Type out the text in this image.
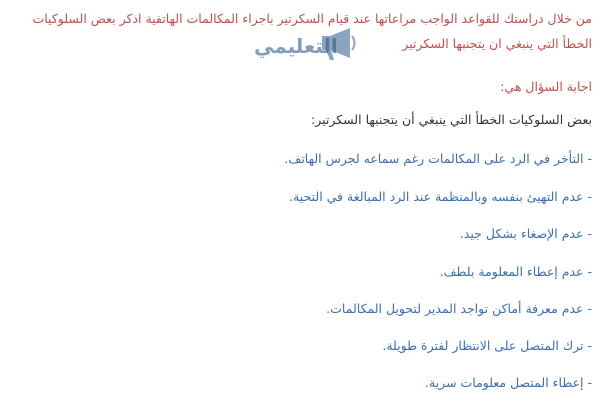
من خلال دراستك للقواعد الواجب مراعاتها عند قيام السكرتير باجراء المكالمات الهاتفية اذكر بعض السلوكيات الخطأ التي ينبغي ان يتجنبها السكرتير

التعليمي
اجابة السؤال هي:
بعض السلوكيات الخطأ التي ينبغي أن يتجنبها السكرتير:
- التأخر في الرد على المكالمات رغم سماعه لجرس الهاتف.
- عدم التهيئ بنفسه وبالمنظمة عند الرد المبالغة في التحية.
- عدم الإصغاء بشكل جيد.
- عدم إعطاء المعلومة بلطف.
- عدم معرفة أماكن تواجد المدير لتحويل المكالمات.
- ترك المتصل على الانتظار لفترة طويلة.
- إعطاء المتصل معلومات سرية.
